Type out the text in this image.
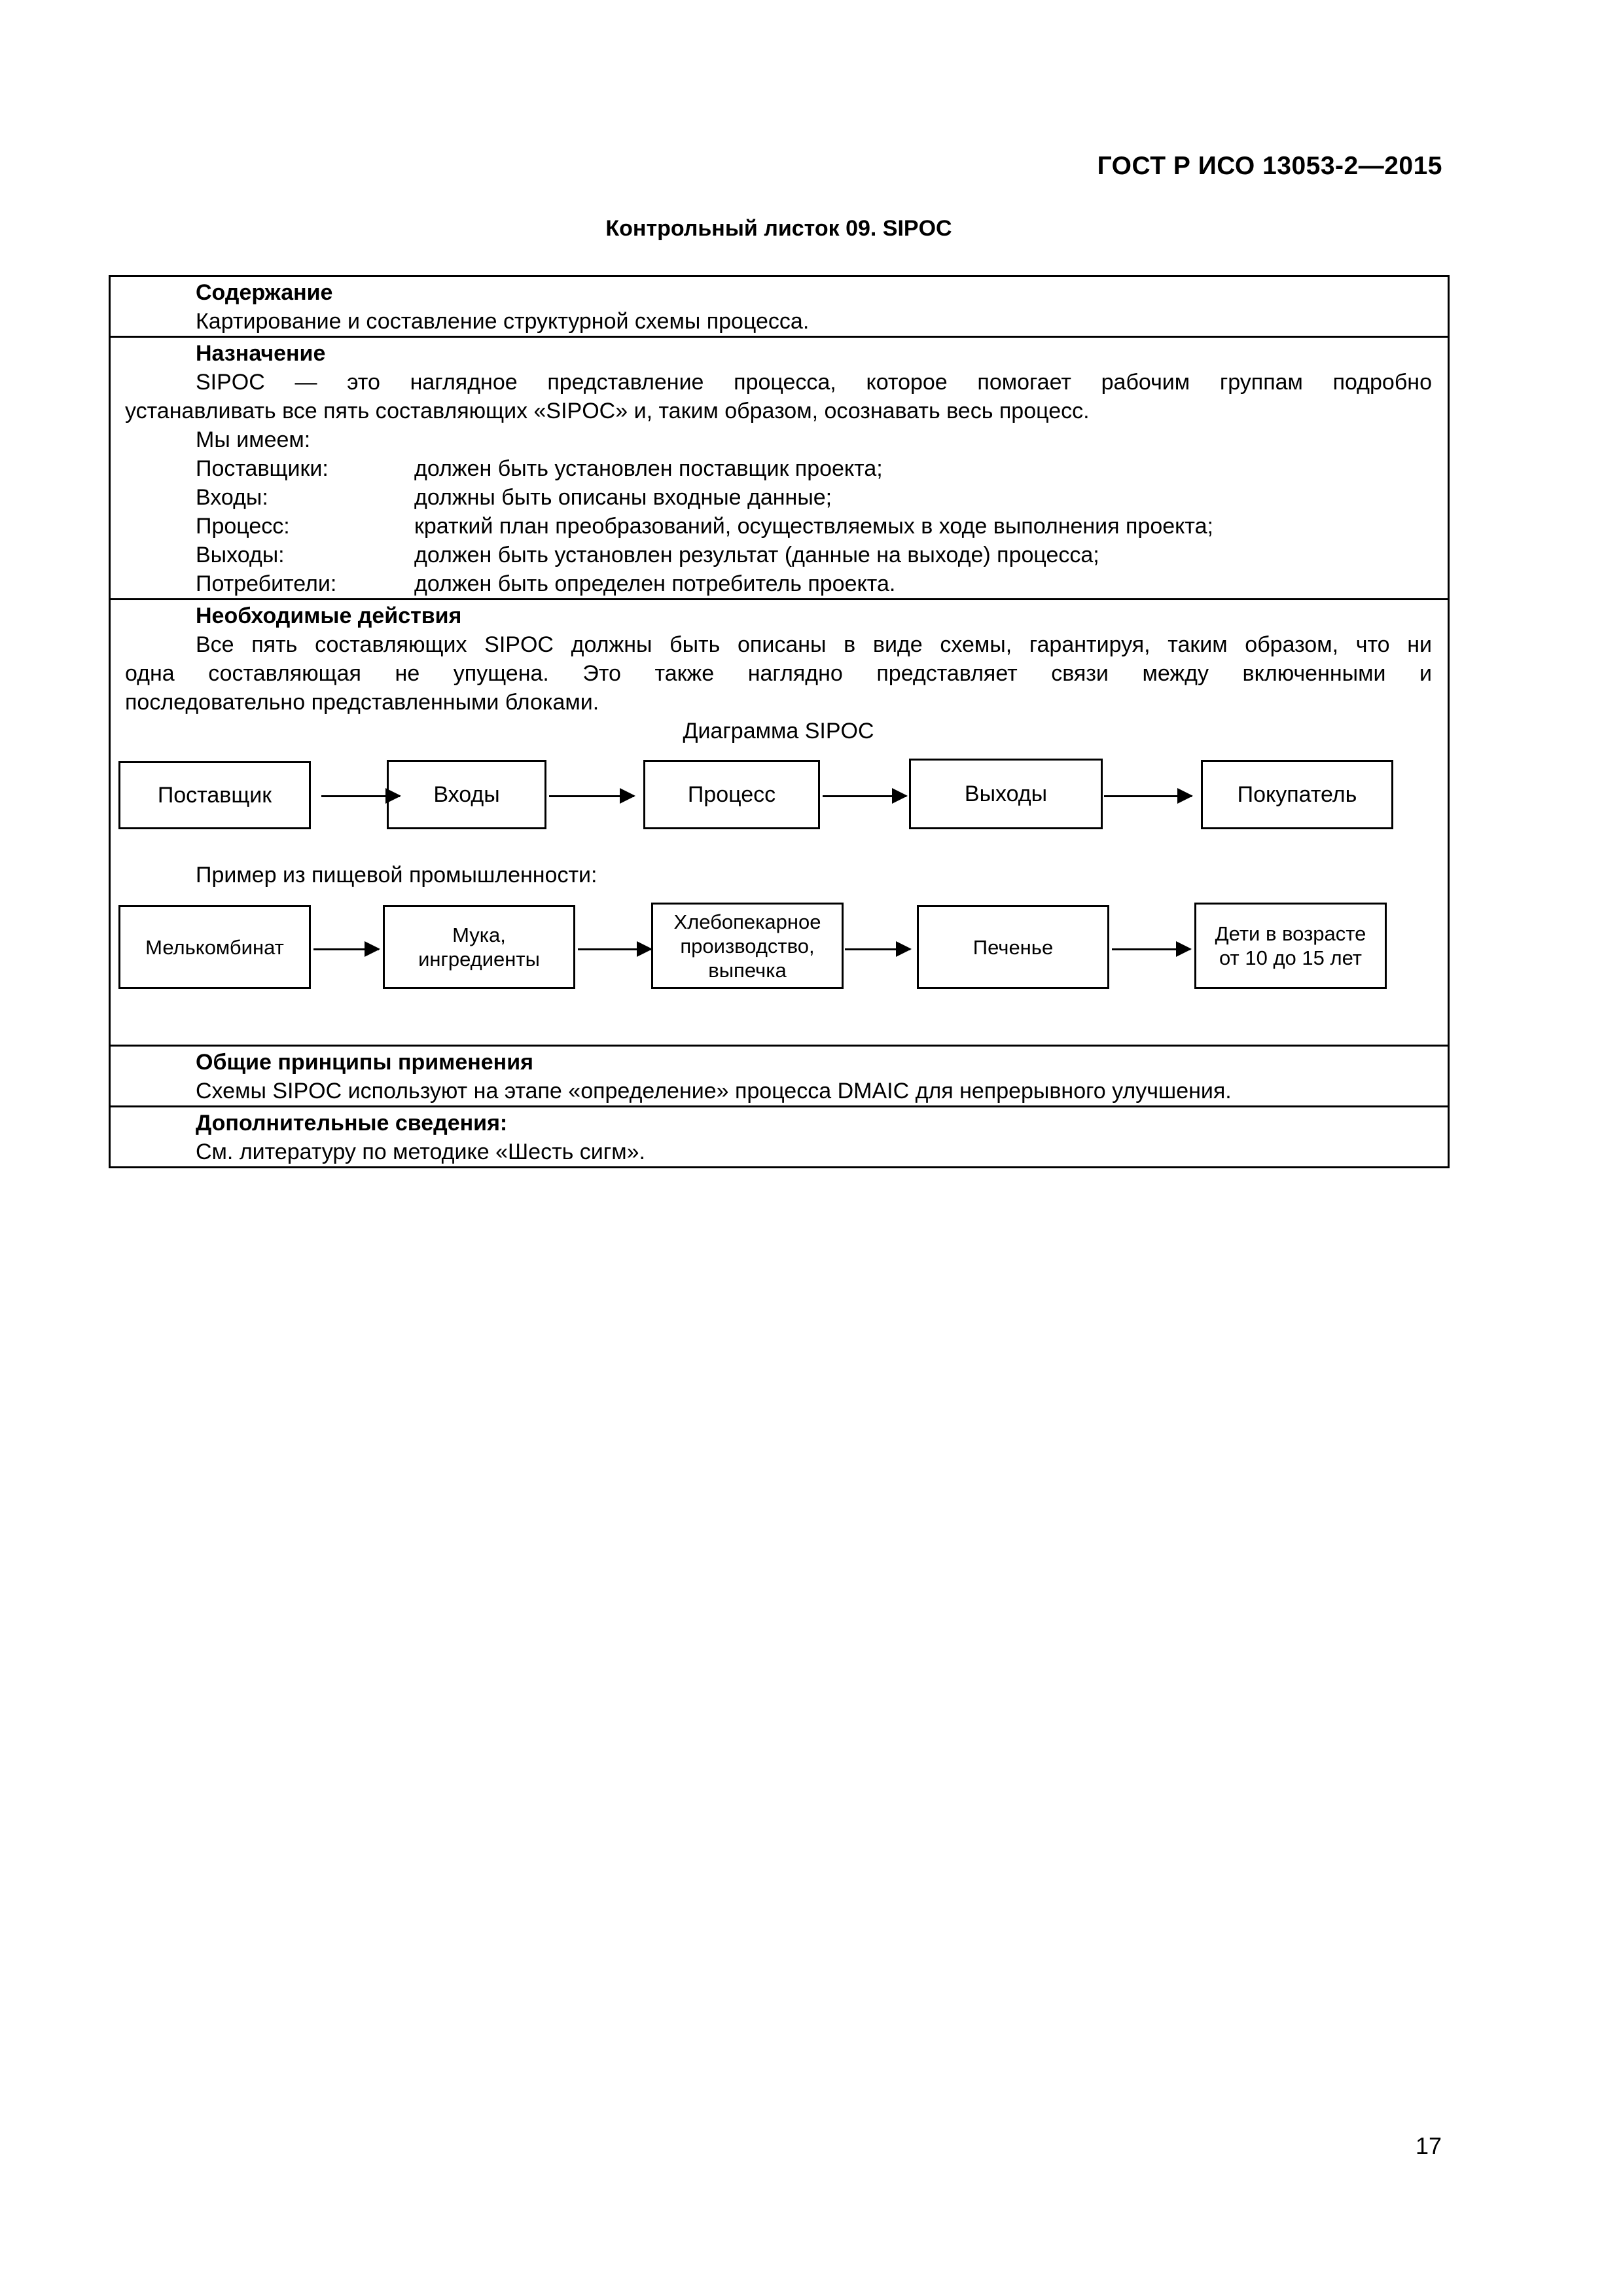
ГОСТ Р ИСО 13053-2—2015
Контрольный листок 09. SIPOC
Содержание
Картирование и составление структурной схемы процесса.
Назначение
SIPOC — это наглядное представление процесса, которое помогает рабочим группам подробно
устанавливать все пять составляющих «SIPOC» и, таким образом, осознавать весь процесс.
Мы имеем:
Поставщики:	должен быть установлен поставщик проекта;
Входы:	должны быть описаны входные данные;
Процесс:	краткий план преобразований, осуществляемых в ходе выполнения проекта;
Выходы:	должен быть установлен результат (данные на выходе) процесса;
Потребители:	должен быть определен потребитель проекта.
Необходимые действия
Все пять составляющих SIPOC должны быть описаны в виде схемы, гарантируя, таким образом, что ни
одна составляющая не упущена. Это также наглядно представляет связи между включенными и
последовательно представленными блоками.
Диаграмма SIPOC
Поставщик	Входы	Процесс	Выходы	Покупатель
Пример из пищевой промышленности:
Мелькомбинат
Мука,
ингредиенты
Хлебопекарное
производство,
выпечка
Печенье
Дети в возрасте
от 10 до 15 лет
Общие принципы применения
Схемы SIPOC используют на этапе «определение» процесса DMAIC для непрерывного улучшения.
Дополнительные сведения:
См. литературу по методике «Шесть сигм».
17
